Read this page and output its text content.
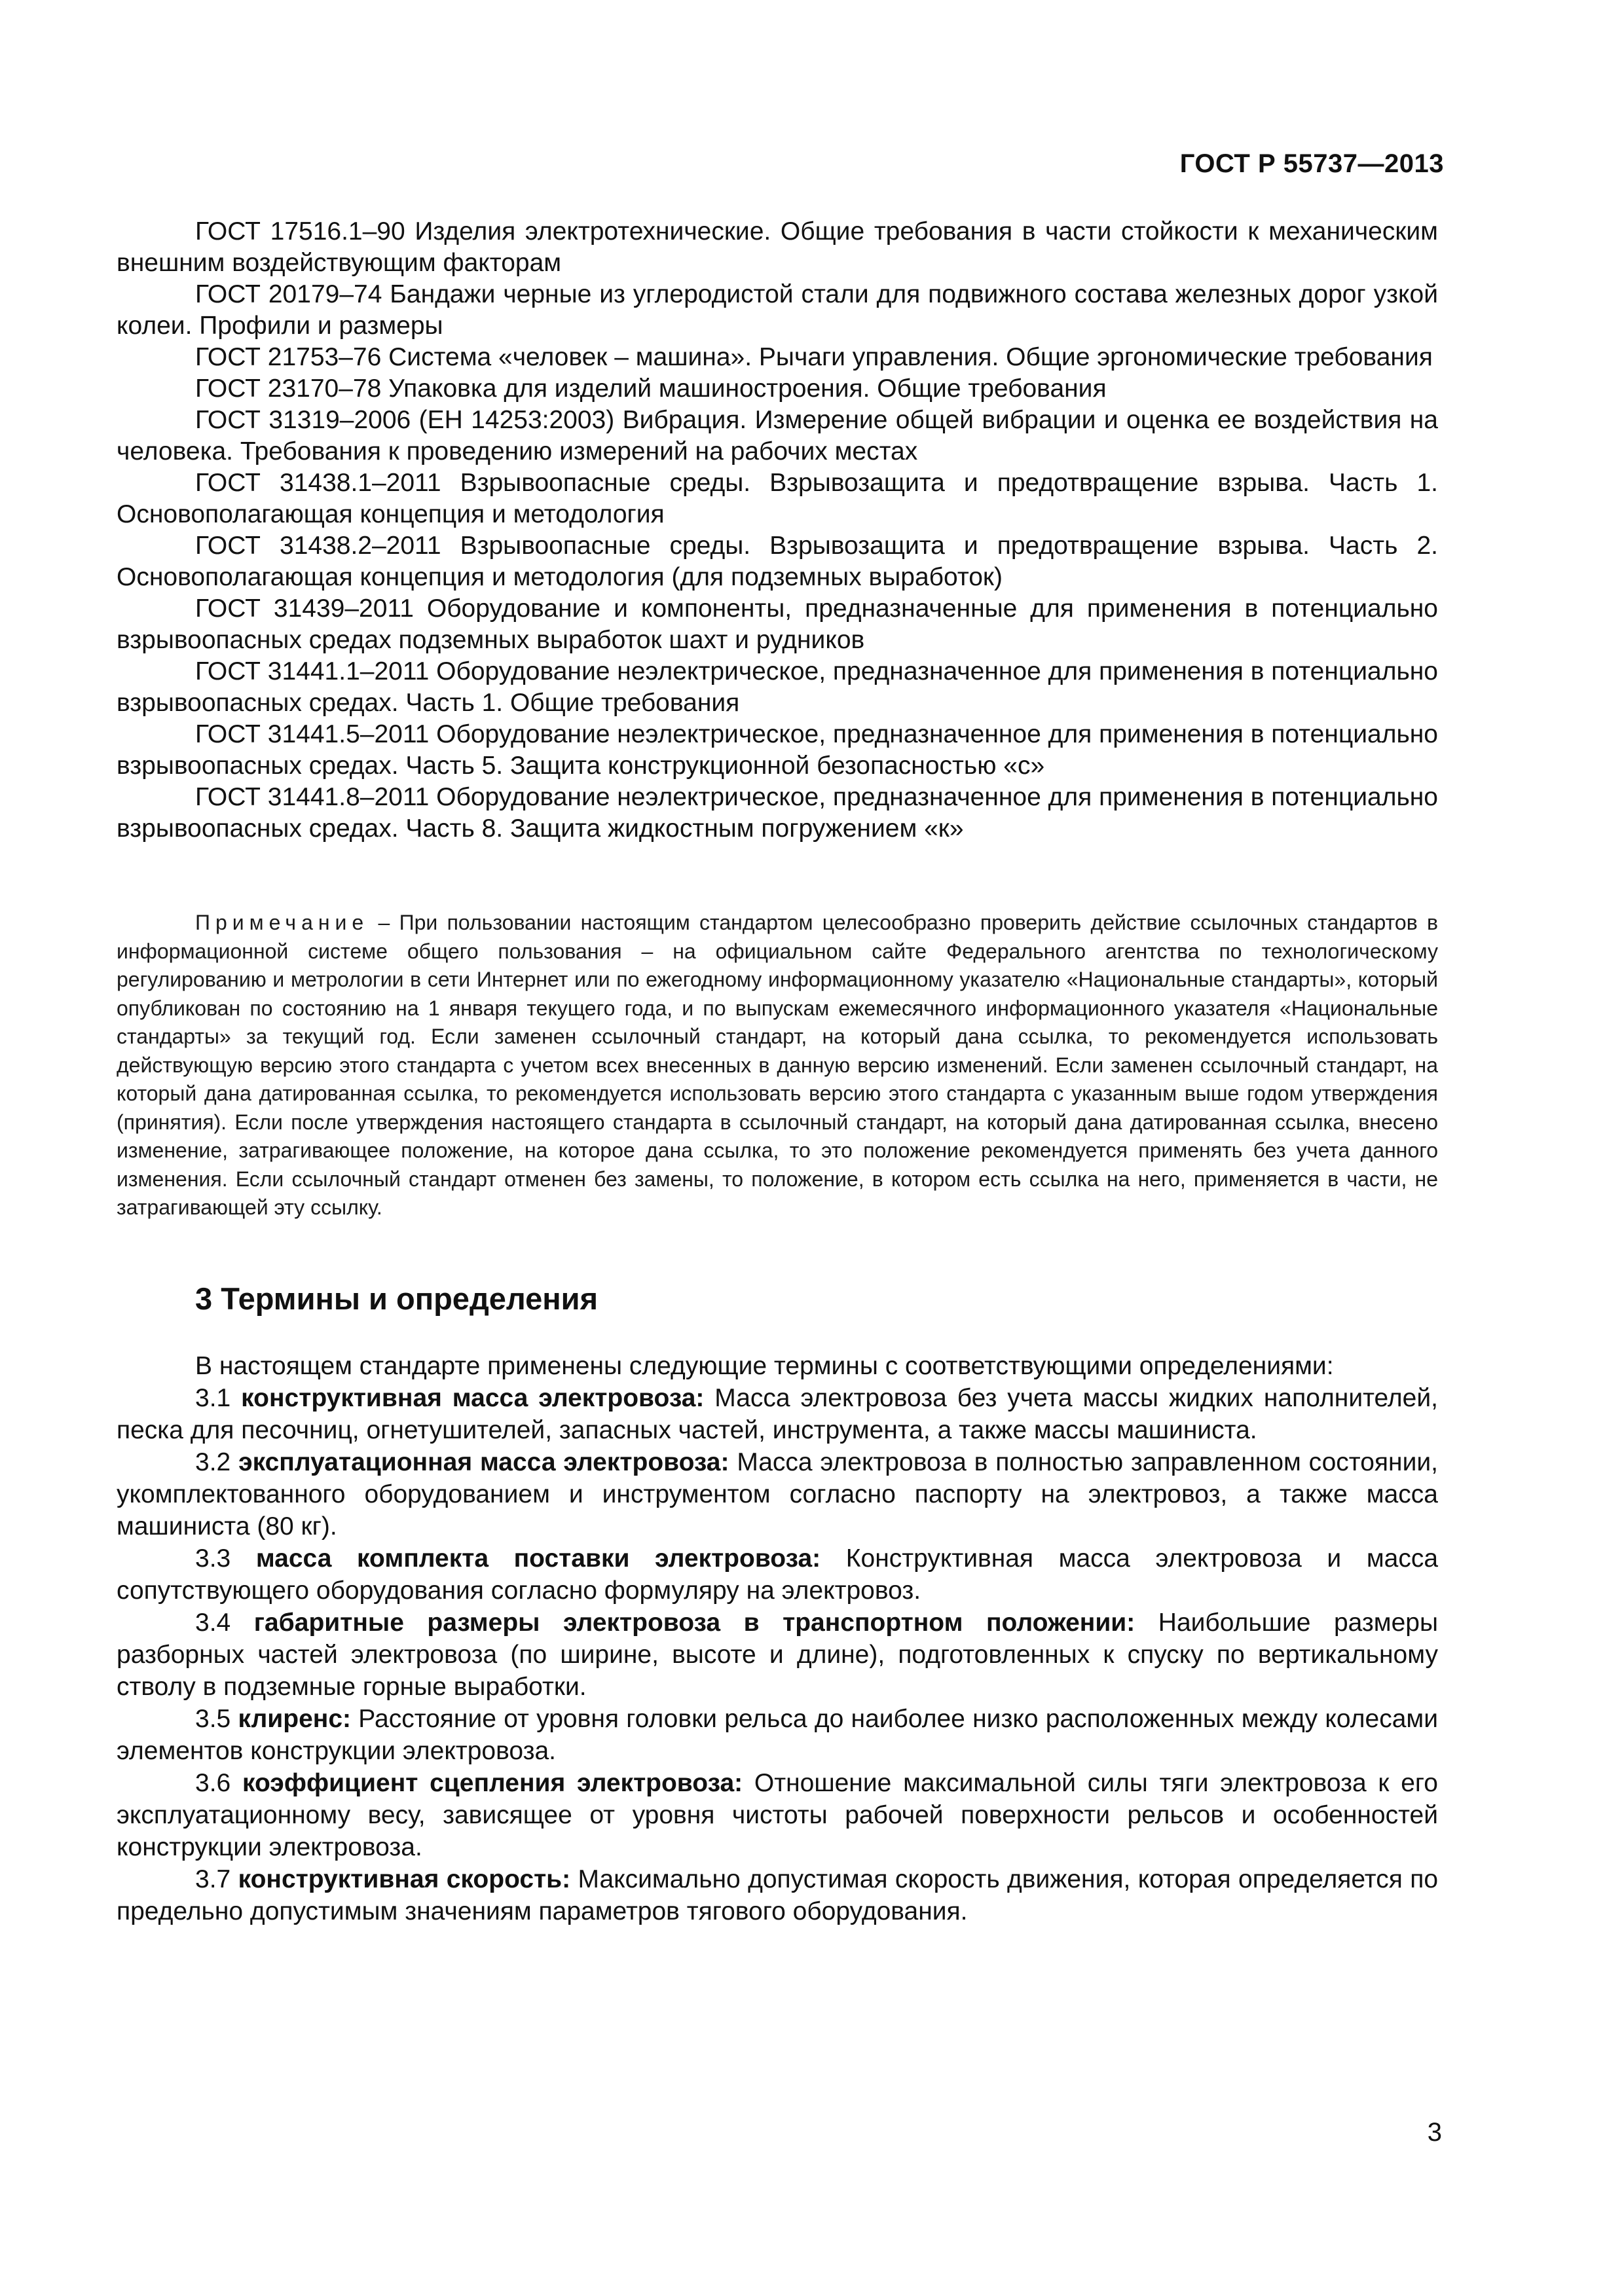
ГОСТ Р 55737—2013

ГОСТ 17516.1–90 Изделия электротехнические. Общие требования в части стойкости к механическим внешним воздействующим факторам

ГОСТ 20179–74 Бандажи черные из углеродистой стали для подвижного состава железных дорог узкой колеи. Профили и размеры

ГОСТ 21753–76 Система «человек – машина». Рычаги управления. Общие эргономические требования

ГОСТ 23170–78 Упаковка для изделий машиностроения. Общие требования

ГОСТ 31319–2006 (ЕН 14253:2003) Вибрация. Измерение общей вибрации и оценка ее воздействия на человека. Требования к проведению измерений на рабочих местах

ГОСТ 31438.1–2011 Взрывоопасные среды. Взрывозащита и предотвращение взрыва. Часть 1. Основополагающая концепция и методология

ГОСТ 31438.2–2011 Взрывоопасные среды. Взрывозащита и предотвращение взрыва. Часть 2. Основополагающая концепция и методология (для подземных выработок)

ГОСТ 31439–2011 Оборудование и компоненты, предназначенные для применения в потенциально взрывоопасных средах подземных выработок шахт и рудников

ГОСТ 31441.1–2011 Оборудование неэлектрическое, предназначенное для применения в потенциально взрывоопасных средах. Часть 1. Общие требования

ГОСТ 31441.5–2011 Оборудование неэлектрическое, предназначенное для применения в потенциально взрывоопасных средах. Часть 5. Защита конструкционной безопасностью «с»

ГОСТ 31441.8–2011 Оборудование неэлектрическое, предназначенное для применения в потенциально взрывоопасных средах. Часть 8. Защита жидкостным погружением «к»

Примечание – При пользовании настоящим стандартом целесообразно проверить действие ссылочных стандартов в информационной системе общего пользования – на официальном сайте Федерального агентства по технологическому регулированию и метрологии в сети Интернет или по ежегодному информационному указателю «Национальные стандарты», который опубликован по состоянию на 1 января текущего года, и по выпускам ежемесячного информационного указателя «Национальные стандарты» за текущий год. Если заменен ссылочный стандарт, на который дана ссылка, то рекомендуется использовать действующую версию этого стандарта с учетом всех внесенных в данную версию изменений. Если заменен ссылочный стандарт, на который дана датированная ссылка, то рекомендуется использовать версию этого стандарта с указанным выше годом утверждения (принятия). Если после утверждения настоящего стандарта в ссылочный стандарт, на который дана датированная ссылка, внесено изменение, затрагивающее положение, на которое дана ссылка, то это положение рекомендуется применять без учета данного изменения. Если ссылочный стандарт отменен без замены, то положение, в котором есть ссылка на него, применяется в части, не затрагивающей эту ссылку.

3 Термины и определения

В настоящем стандарте применены следующие термины с соответствующими определениями:

3.1 конструктивная масса электровоза: Масса электровоза без учета массы жидких наполнителей, песка для песочниц, огнетушителей, запасных частей, инструмента, а также массы машиниста.

3.2 эксплуатационная масса электровоза: Масса электровоза в полностью заправленном состоянии, укомплектованного оборудованием и инструментом согласно паспорту на электровоз, а также масса машиниста (80 кг).

3.3 масса комплекта поставки электровоза: Конструктивная масса электровоза и масса сопутствующего оборудования согласно формуляру на электровоз.

3.4 габаритные размеры электровоза в транспортном положении: Наибольшие размеры разборных частей электровоза (по ширине, высоте и длине), подготовленных к спуску по вертикальному стволу в подземные горные выработки.

3.5 клиренс: Расстояние от уровня головки рельса до наиболее низко расположенных между колесами элементов конструкции электровоза.

3.6 коэффициент сцепления электровоза: Отношение максимальной силы тяги электровоза к его эксплуатационному весу, зависящее от уровня чистоты рабочей поверхности рельсов и особенностей конструкции электровоза.

3.7 конструктивная скорость: Максимально допустимая скорость движения, которая определяется по предельно допустимым значениям параметров тягового оборудования.

3
